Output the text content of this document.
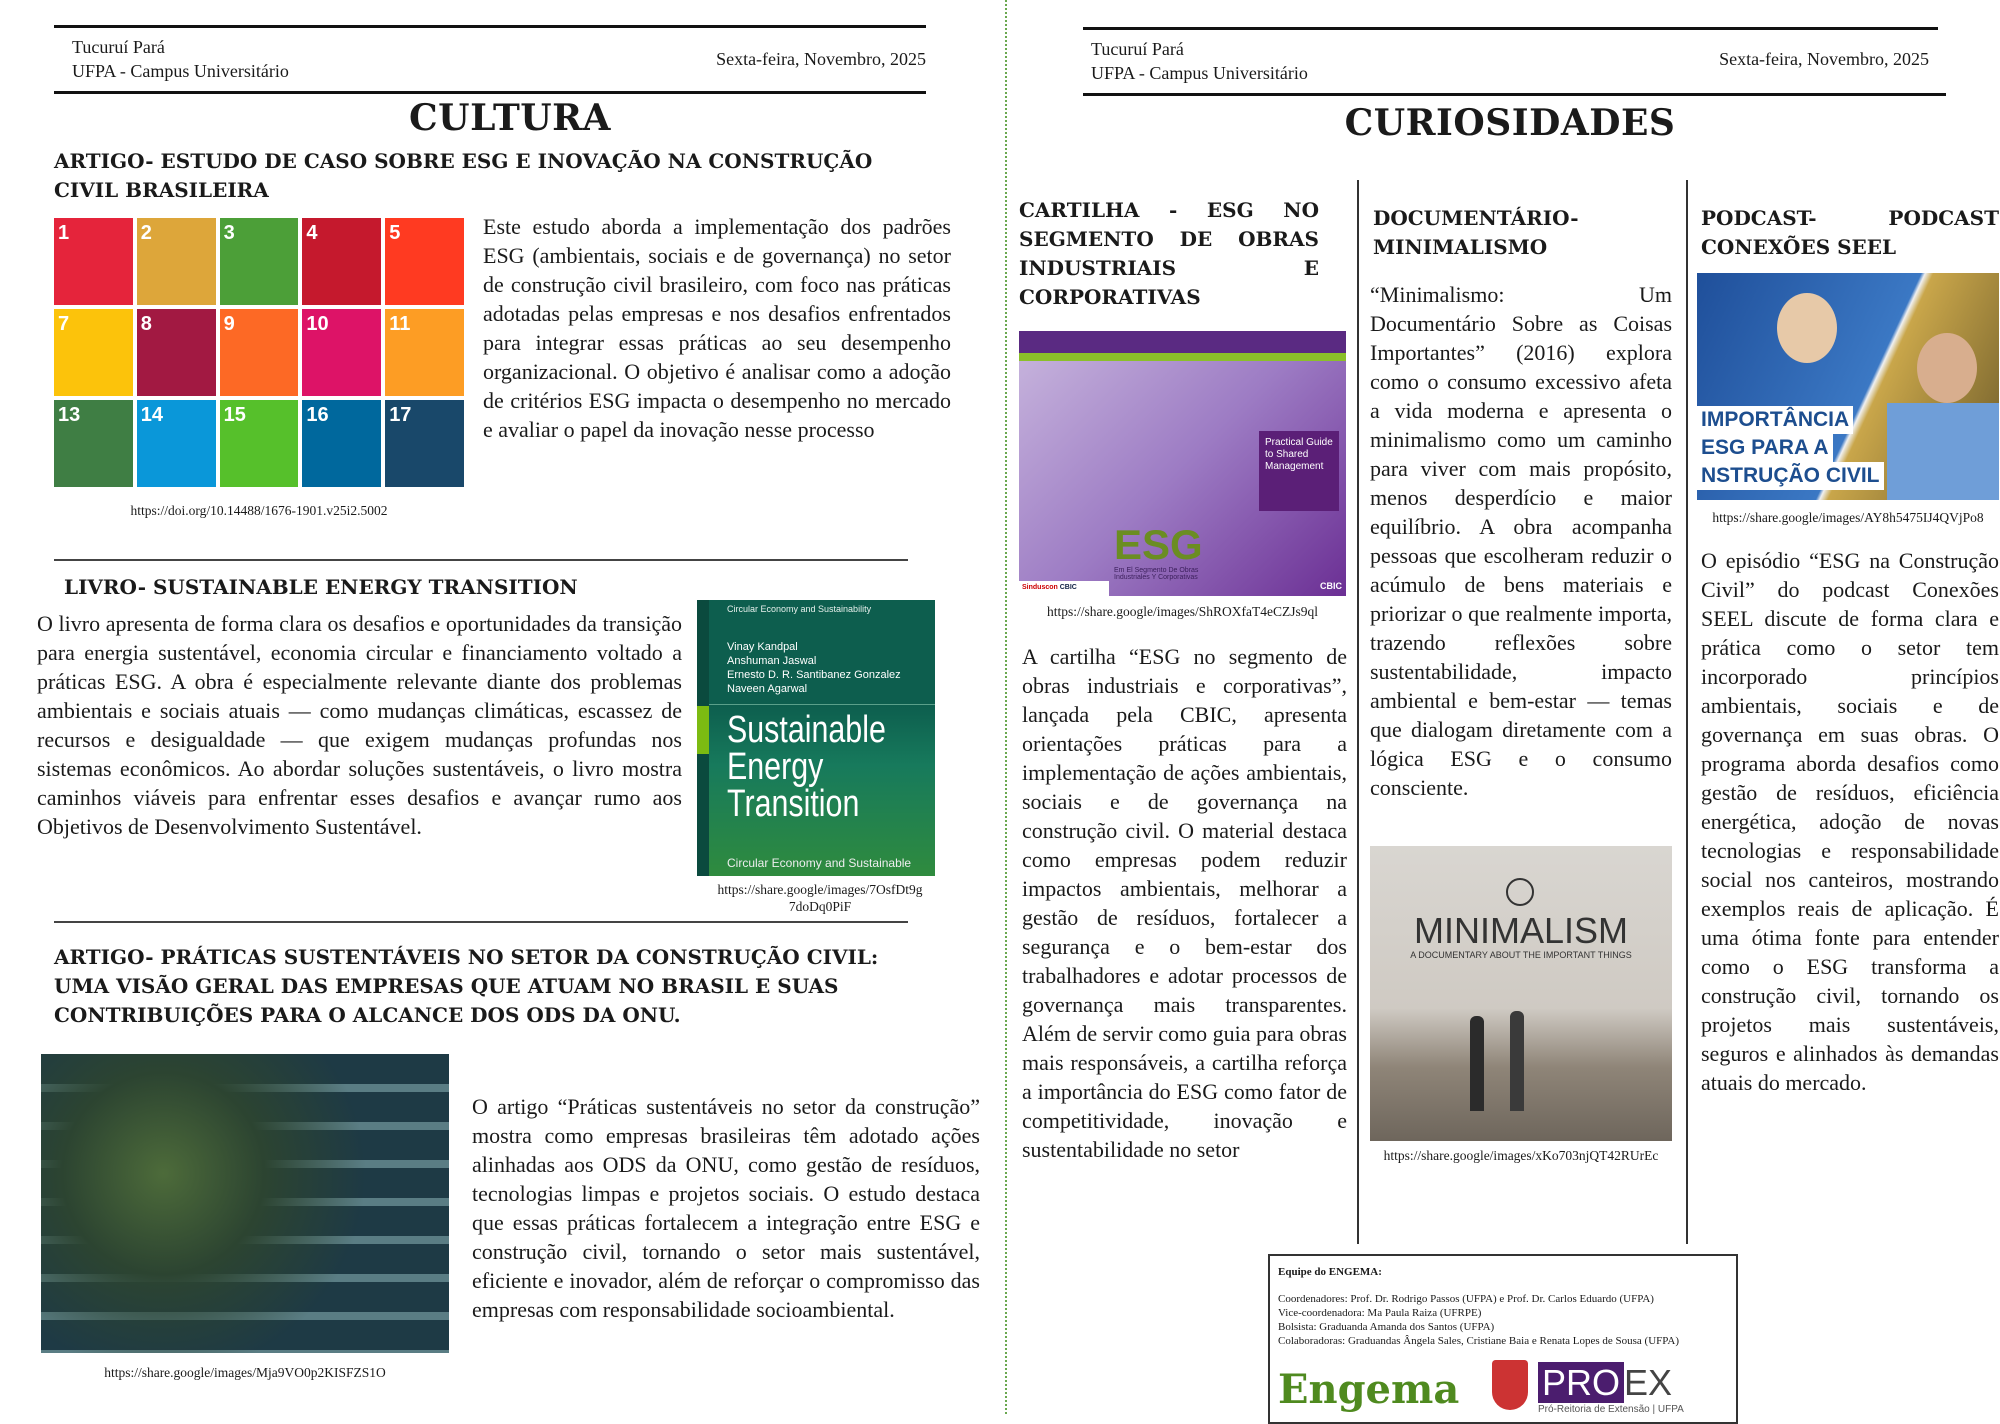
Tucuruí Pará
UFPA - Campus Universitário
Sexta-feira, Novembro, 2025
CULTURA
ARTIGO- ESTUDO DE CASO SOBRE ESG E INOVAÇÃO NA CONSTRUÇÃO CIVIL BRASILEIRA
1	2	3	4	5
7	8	9	10	11
13	14	15	16	17
Este estudo aborda a implementação dos padrões ESG (ambientais, sociais e de governança) no setor de construção civil brasileiro, com foco nas práticas adotadas pelas empresas e nos desafios enfrentados para integrar essas práticas ao seu desempenho organizacional. O objetivo é analisar como a adoção de critérios ESG impacta o desempenho no mercado e avaliar o papel da inovação nesse processo
https://doi.org/10.14488/1676-1901.v25i2.5002
LIVRO- SUSTAINABLE ENERGY TRANSITION
O livro apresenta de forma clara os desafios e oportunidades da transição para energia sustentável, economia circular e financiamento voltado a práticas ESG. A obra é especialmente relevante diante dos problemas ambientais e sociais atuais — como mudanças climáticas, escassez de recursos e desigualdade — que exigem mudanças profundas nos sistemas econômicos. Ao abordar soluções sustentáveis, o livro mostra caminhos viáveis para enfrentar esses desafios e avançar rumo aos Objetivos de Desenvolvimento Sustentável.
Circular Economy and Sustainability
Vinay Kandpal
Anshuman Jaswal
Ernesto D. R. Santibanez Gonzalez
Naveen Agarwal
Sustainable
Energy
Transition
Circular Economy and Sustainable
https://share.google/images/7OsfDt9g7doDq0PiF
ARTIGO- PRÁTICAS SUSTENTÁVEIS NO SETOR DA CONSTRUÇÃO CIVIL: UMA VISÃO GERAL DAS EMPRESAS QUE ATUAM NO BRASIL E SUAS CONTRIBUIÇÕES PARA O ALCANCE DOS ODS DA ONU.
O artigo “Práticas sustentáveis no setor da construção” mostra como empresas brasileiras têm adotado ações alinhadas aos ODS da ONU, como gestão de resíduos, tecnologias limpas e projetos sociais. O estudo destaca que essas práticas fortalecem a integração entre ESG e construção civil, tornando o setor mais sustentável, eficiente e inovador, além de reforçar o compromisso das empresas com responsabilidade socioambiental.
https://share.google/images/Mja9VO0p2KISFZS1O
Tucuruí Pará
UFPA - Campus Universitário
Sexta-feira, Novembro, 2025
CURIOSIDADES
CARTILHA - ESG NO SEGMENTO DE OBRAS INDUSTRIAIS E CORPORATIVAS
Practical Guide to Shared Management
ESG
Em El Segmento De Obras Industriales Y Corporativas
Sinduscon CBIC	CBIC
https://share.google/images/ShROXfaT4eCZJs9ql
A cartilha “ESG no segmento de obras industriais e corporativas”, lançada pela CBIC, apresenta orientações práticas para a implementação de ações ambientais, sociais e de governança na construção civil. O material destaca como empresas podem reduzir impactos ambientais, melhorar a gestão de resíduos, fortalecer a segurança e o bem-estar dos trabalhadores e adotar processos de governança mais transparentes. Além de servir como guia para obras mais responsáveis, a cartilha reforça a importância do ESG como fator de competitividade, inovação e sustentabilidade no setor
DOCUMENTÁRIO- MINIMALISMO
“Minimalismo: Um Documentário Sobre as Coisas Importantes” (2016) explora como o consumo excessivo afeta a vida moderna e apresenta o minimalismo como um caminho para viver com mais propósito, menos desperdício e maior equilíbrio. A obra acompanha pessoas que escolheram reduzir o acúmulo de bens materiais e priorizar o que realmente importa, trazendo reflexões sobre sustentabilidade, impacto ambiental e bem-estar — temas que dialogam diretamente com a lógica ESG e o consumo consciente.
MINIMALISM
A DOCUMENTARY ABOUT THE IMPORTANT THINGS
https://share.google/images/xKo703njQT42RUrEc
PODCAST- PODCAST CONEXÕES SEEL
IMPORTÂNCIA
ESG PARA A
NSTRUÇÃO CIVIL
https://share.google/images/AY8h5475IJ4QVjPo8
O episódio “ESG na Construção Civil” do podcast Conexões SEEL discute de forma clara e prática como o setor tem incorporado princípios ambientais, sociais e de governança em suas obras. O programa aborda desafios como gestão de resíduos, eficiência energética, adoção de novas tecnologias e responsabilidade social nos canteiros, mostrando exemplos reais de aplicação. É uma ótima fonte para entender como o ESG transforma a construção civil, tornando os projetos mais sustentáveis, seguros e alinhados às demandas atuais do mercado.
Equipe do ENGEMA:
Coordenadores: Prof. Dr. Rodrigo Passos (UFPA) e Prof. Dr. Carlos Eduardo (UFPA)
Vice-coordenadora: Ma Paula Raiza (UFRPE)
Bolsista: Graduanda Amanda dos Santos (UFPA)
Colaboradoras: Graduandas Ângela Sales, Cristiane Baia e Renata Lopes de Sousa (UFPA)
Engema PRO EX
Pró-Reitoria de Extensão | UFPA
